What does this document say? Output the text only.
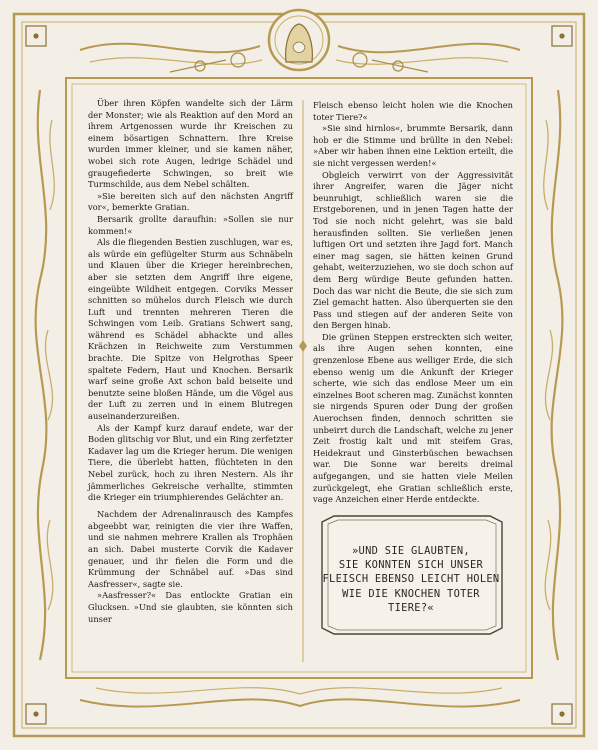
Über ihren Köpfen wandelte sich der Lärm der Monster; wie als Reaktion auf den Mord an ihrem Artgenossen wurde ihr Kreischen zu einem bösartigen Schnattern. Ihre Kreise wurden immer kleiner, und sie kamen näher, wobei sich rote Augen, ledrige Schädel und graugefiederte Schwingen, so breit wie Turmschilde, aus dem Nebel schälten.

»Sie bereiten sich auf den nächsten Angriff vor«, bemerkte Gratian.

Bersarik grollte daraufhin: »Sollen sie nur kommen!«

Als die fliegenden Bestien zuschlugen, war es, als würde ein geflügelter Sturm aus Schnäbeln und Klauen über die Krieger hereinbrechen, aber sie setzten dem Angriff ihre eigene, eingeübte Wildheit entgegen. Corviks Messer schnitten so mühelos durch Fleisch wie durch Luft und trennten mehreren Tieren die Schwingen vom Leib. Gratians Schwert sang, während es Schädel abhackte und alles Krächzen in Reichweite zum Verstummen brachte. Die Spitze von Helgrothas Speer spaltete Federn, Haut und Knochen. Bersarik warf seine große Axt schon bald beiseite und benutzte seine bloßen Hände, um die Vögel aus der Luft zu zerren und in einem Blutregen auseinanderzureißen.

Als der Kampf kurz darauf endete, war der Boden glitschig vor Blut, und ein Ring zerfetzter Kadaver lag um die Krieger herum. Die wenigen Tiere, die überlebt hatten, flüchteten in den Nebel zurück, hoch zu ihren Nestern. Als ihr jämmerliches Gekreische verhallte, stimmten die Krieger ein triumphierendes Gelächter an.

Nachdem der Adrenalinrausch des Kampfes abgeebbt war, reinigten die vier ihre Waffen, und sie nahmen mehrere Krallen als Trophäen an sich. Dabei musterte Corvik die Kadaver genauer, und ihr fielen die Form und die Krümmung der Schnäbel auf. »Das sind Aasfresser«, sagte sie.

»Aasfresser?« Das entlockte Gratian ein Glucksen. »Und sie glaubten, sie könnten sich unser

Fleisch ebenso leicht holen wie die Knochen toter Tiere?«

»Sie sind hirnlos«, brummte Bersarik, dann hob er die Stimme und brüllte in den Nebel: »Aber wir haben ihnen eine Lektion erteilt, die sie nicht vergessen werden!«

Obgleich verwirrt von der Aggressivität ihrer Angreifer, waren die Jäger nicht beunruhigt, schließlich waren sie die Erstgeborenen, und in jenen Tagen hatte der Tod sie noch nicht gelehrt, was sie bald herausfinden sollten. Sie verließen jenen luftigen Ort und setzten ihre Jagd fort. Manch einer mag sagen, sie hätten keinen Grund gehabt, weiterzuziehen, wo sie doch schon auf dem Berg würdige Beute gefunden hatten. Doch das war nicht die Beute, die sie sich zum Ziel gemacht hatten. Also überquerten sie den Pass und stiegen auf der anderen Seite von den Bergen hinab.

Die grünen Steppen erstreckten sich weiter, als ihre Augen sehen konnten, eine grenzenlose Ebene aus welliger Erde, die sich ebenso wenig um die Ankunft der Krieger scherte, wie sich das endlose Meer um ein einzelnes Boot scheren mag. Zunächst konnten sie nirgends Spuren oder Dung der großen Auerochsen finden, dennoch schritten sie unbeirrt durch die Landschaft, welche zu jener Zeit frostig kalt und mit steifem Gras, Heidekraut und Ginsterbüschen bewachsen war. Die Sonne war bereits dreimal aufgegangen, und sie hatten viele Meilen zurückgelegt, ehe Gratian schließlich erste, vage Anzeichen einer Herde entdeckte.

»UND SIE GLAUBTEN,
SIE KONNTEN SICH UNSER
FLEISCH EBENSO LEICHT HOLEN
WIE DIE KNOCHEN TOTER
TIERE?«
